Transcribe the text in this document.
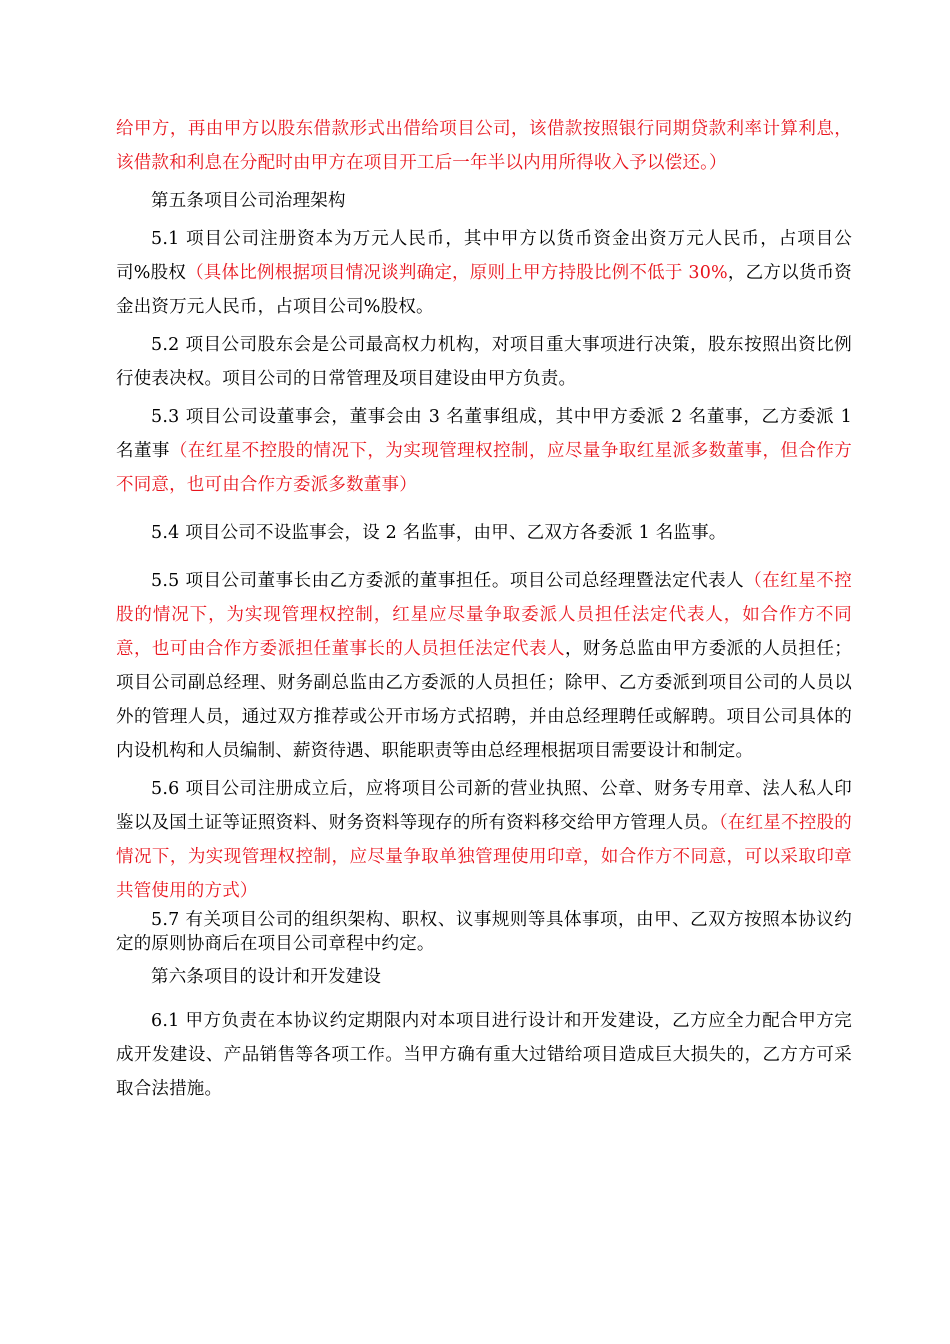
给甲方，再由甲方以股东借款形式出借给项目公司，该借款按照银行同期贷款利率计算利息，该借款和利息在分配时由甲方在项目开工后一年半以内用所得收入予以偿还。）

第五条项目公司治理架构

5.1 项目公司注册资本为万元人民币，其中甲方以货币资金出资万元人民币，占项目公司%股权（具体比例根据项目情况谈判确定，原则上甲方持股比例不低于 30%，乙方以货币资金出资万元人民币，占项目公司%股权。

5.2 项目公司股东会是公司最高权力机构，对项目重大事项进行决策，股东按照出资比例行使表决权。项目公司的日常管理及项目建设由甲方负责。

5.3 项目公司设董事会，董事会由 3 名董事组成，其中甲方委派 2 名董事，乙方委派 1 名董事（在红星不控股的情况下，为实现管理权控制，应尽量争取红星派多数董事，但合作方不同意，也可由合作方委派多数董事）

5.4 项目公司不设监事会，设 2 名监事，由甲、乙双方各委派 1 名监事。

5.5 项目公司董事长由乙方委派的董事担任。项目公司总经理暨法定代表人（在红星不控股的情况下，为实现管理权控制，红星应尽量争取委派人员担任法定代表人，如合作方不同意，也可由合作方委派担任董事长的人员担任法定代表人，财务总监由甲方委派的人员担任；项目公司副总经理、财务副总监由乙方委派的人员担任；除甲、乙方委派到项目公司的人员以外的管理人员，通过双方推荐或公开市场方式招聘，并由总经理聘任或解聘。项目公司具体的内设机构和人员编制、薪资待遇、职能职责等由总经理根据项目需要设计和制定。

5.6 项目公司注册成立后，应将项目公司新的营业执照、公章、财务专用章、法人私人印鉴以及国土证等证照资料、财务资料等现存的所有资料移交给甲方管理人员。（在红星不控股的情况下，为实现管理权控制，应尽量争取单独管理使用印章，如合作方不同意，可以采取印章共管使用的方式）

5.7 有关项目公司的组织架构、职权、议事规则等具体事项，由甲、乙双方按照本协议约定的原则协商后在项目公司章程中约定。

第六条项目的设计和开发建设

6.1 甲方负责在本协议约定期限内对本项目进行设计和开发建设，乙方应全力配合甲方完成开发建设、产品销售等各项工作。当甲方确有重大过错给项目造成巨大损失的，乙方方可采取合法措施。
